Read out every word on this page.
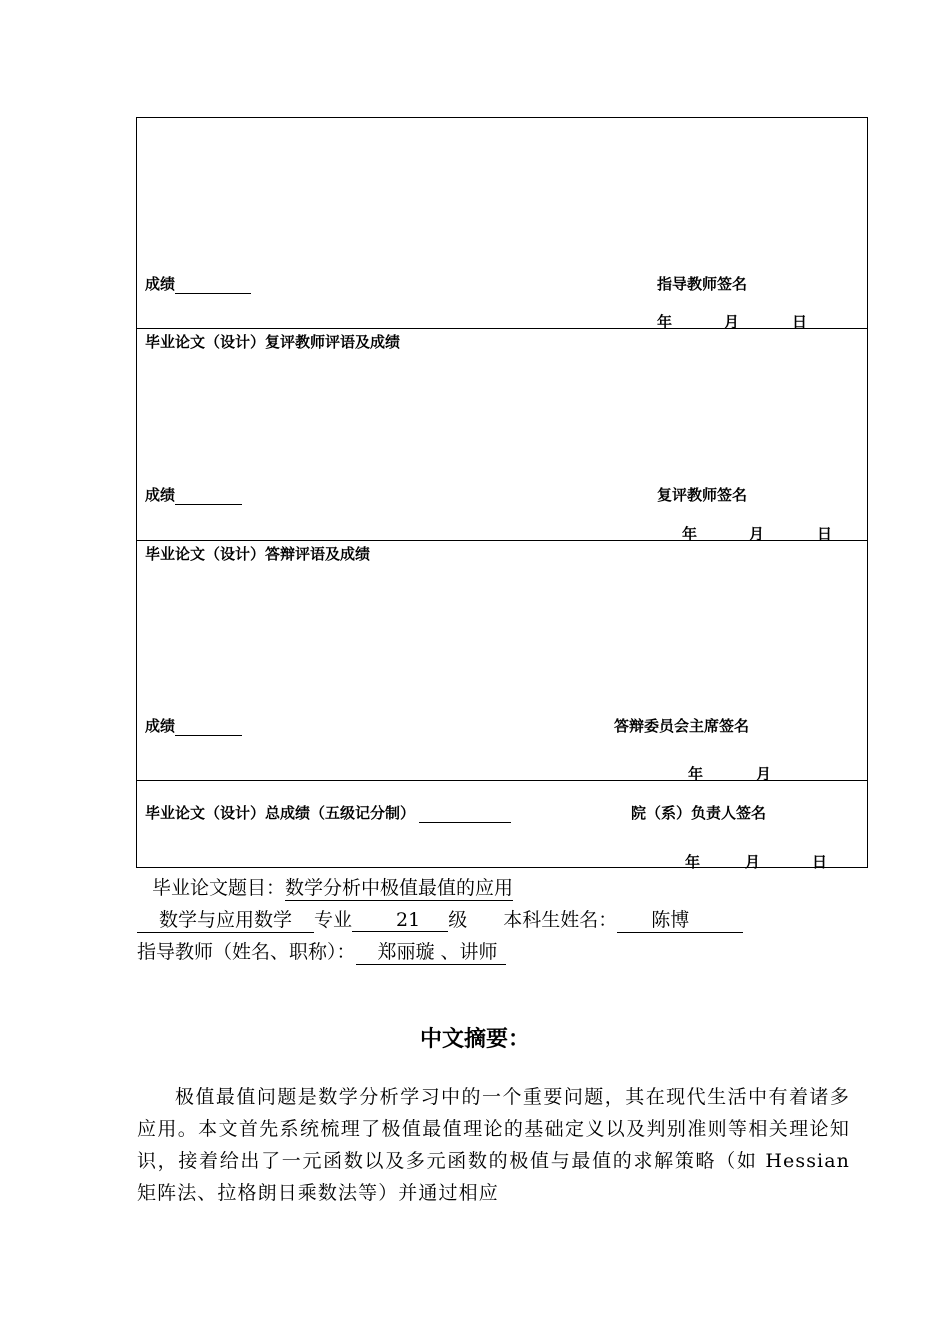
成绩	指导教师签名
年	月	日
毕业论文（设计）复评教师评语及成绩
成绩	复评教师签名
年	月	日
毕业论文（设计）答辩评语及成绩
成绩	答辩委员会主席签名
年	月
毕业论文（设计）总成绩（五级记分制）	院（系）负责人签名
年	月	日
毕业论文题目：数学分析中极值最值的应用
数学与应用数学 专业 21 级 本科生姓名： 陈博
指导教师（姓名、职称）： 郑丽璇 、讲师
中文摘要：

极值最值问题是数学分析学习中的一个重要问题，其在现代生活中有着诸多应用。本文首先系统梳理了极值最值理论的基础定义以及判别准则等相关理论知识，接着给出了一元函数以及多元函数的极值与最值的求解策略（如 Hessian 矩阵法、拉格朗日乘数法等）并通过相应
